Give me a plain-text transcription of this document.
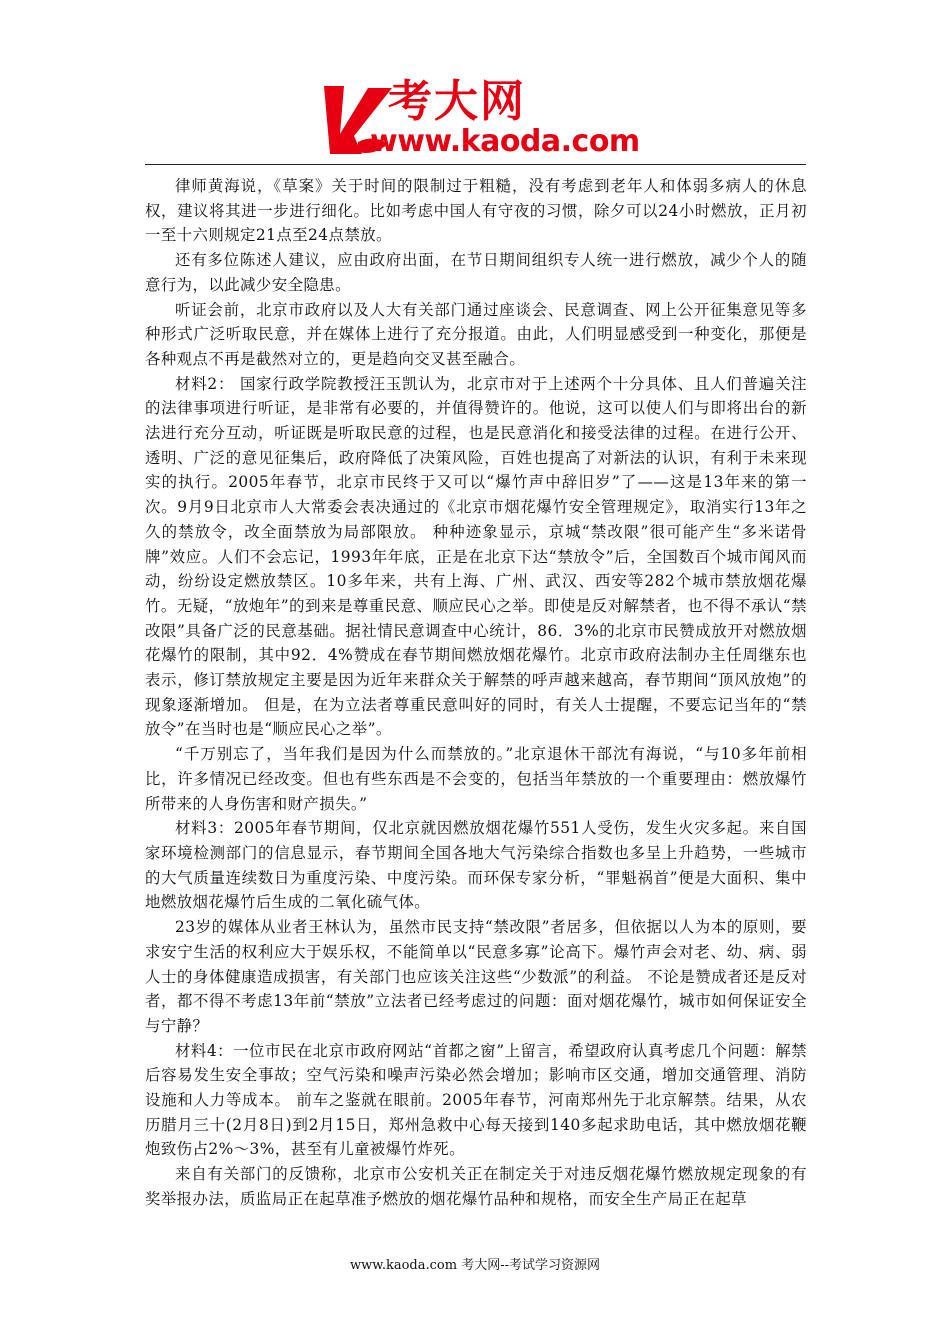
考大网
www.kaoda.com

律师黄海说，《草案》关于时间的限制过于粗糙，没有考虑到老年人和体弱多病人的休息权，建议将其进一步进行细化。比如考虑中国人有守夜的习惯，除夕可以24小时燃放，正月初一至十六则规定21点至24点禁放。

还有多位陈述人建议，应由政府出面，在节日期间组织专人统一进行燃放，减少个人的随意行为，以此减少安全隐患。

听证会前，北京市政府以及人大有关部门通过座谈会、民意调查、网上公开征集意见等多种形式广泛听取民意，并在媒体上进行了充分报道。由此，人们明显感受到一种变化，那便是各种观点不再是截然对立的，更是趋向交叉甚至融合。

材料2： 国家行政学院教授汪玉凯认为，北京市对于上述两个十分具体、且人们普遍关注的法律事项进行听证，是非常有必要的，并值得赞许的。他说，这可以使人们与即将出台的新法进行充分互动，听证既是听取民意的过程，也是民意消化和接受法律的过程。在进行公开、透明、广泛的意见征集后，政府降低了决策风险，百姓也提高了对新法的认识，有利于未来现实的执行。2005年春节，北京市民终于又可以“爆竹声中辞旧岁”了——这是13年来的第一次。9月9日北京市人大常委会表决通过的《北京市烟花爆竹安全管理规定》，取消实行13年之久的禁放令，改全面禁放为局部限放。 种种迹象显示，京城“禁改限”很可能产生“多米诺骨牌”效应。人们不会忘记，1993年年底，正是在北京下达“禁放令”后，全国数百个城市闻风而动，纷纷设定燃放禁区。10多年来，共有上海、广州、武汉、西安等282个城市禁放烟花爆竹。无疑，“放炮年”的到来是尊重民意、顺应民心之举。即使是反对解禁者，也不得不承认“禁改限”具备广泛的民意基础。据社情民意调查中心统计，86．3%的北京市民赞成放开对燃放烟花爆竹的限制，其中92．4%赞成在春节期间燃放烟花爆竹。北京市政府法制办主任周继东也表示，修订禁放规定主要是因为近年来群众关于解禁的呼声越来越高，春节期间“顶风放炮”的现象逐渐增加。 但是，在为立法者尊重民意叫好的同时，有关人士提醒，不要忘记当年的“禁放令”在当时也是“顺应民心之举”。

“千万别忘了，当年我们是因为什么而禁放的。”北京退休干部沈有海说，“与10多年前相比，许多情况已经改变。但也有些东西是不会变的，包括当年禁放的一个重要理由：燃放爆竹所带来的人身伤害和财产损失。”

材料3：2005年春节期间，仅北京就因燃放烟花爆竹551人受伤，发生火灾多起。来自国家环境检测部门的信息显示，春节期间全国各地大气污染综合指数也多呈上升趋势，一些城市的大气质量连续数日为重度污染、中度污染。而环保专家分析，“罪魁祸首”便是大面积、集中地燃放烟花爆竹后生成的二氧化硫气体。

23岁的媒体从业者王林认为，虽然市民支持“禁改限”者居多，但依据以人为本的原则，要求安宁生活的权利应大于娱乐权，不能简单以“民意多寡”论高下。爆竹声会对老、幼、病、弱人士的身体健康造成损害，有关部门也应该关注这些“少数派”的利益。 不论是赞成者还是反对者，都不得不考虑13年前“禁放”立法者已经考虑过的问题：面对烟花爆竹，城市如何保证安全与宁静？

材料4：一位市民在北京市政府网站“首都之窗”上留言，希望政府认真考虑几个问题：解禁后容易发生安全事故；空气污染和噪声污染必然会增加；影响市区交通，增加交通管理、消防设施和人力等成本。 前车之鉴就在眼前。2005年春节，河南郑州先于北京解禁。结果，从农历腊月三十(2月8日)到2月15日，郑州急救中心每天接到140多起求助电话，其中燃放烟花鞭炮致伤占2%～3%，甚至有儿童被爆竹炸死。

来自有关部门的反馈称，北京市公安机关正在制定关于对违反烟花爆竹燃放规定现象的有奖举报办法，质监局正在起草准予燃放的烟花爆竹品种和规格，而安全生产局正在起草

www.kaoda.com 考大网--考试学习资源网
